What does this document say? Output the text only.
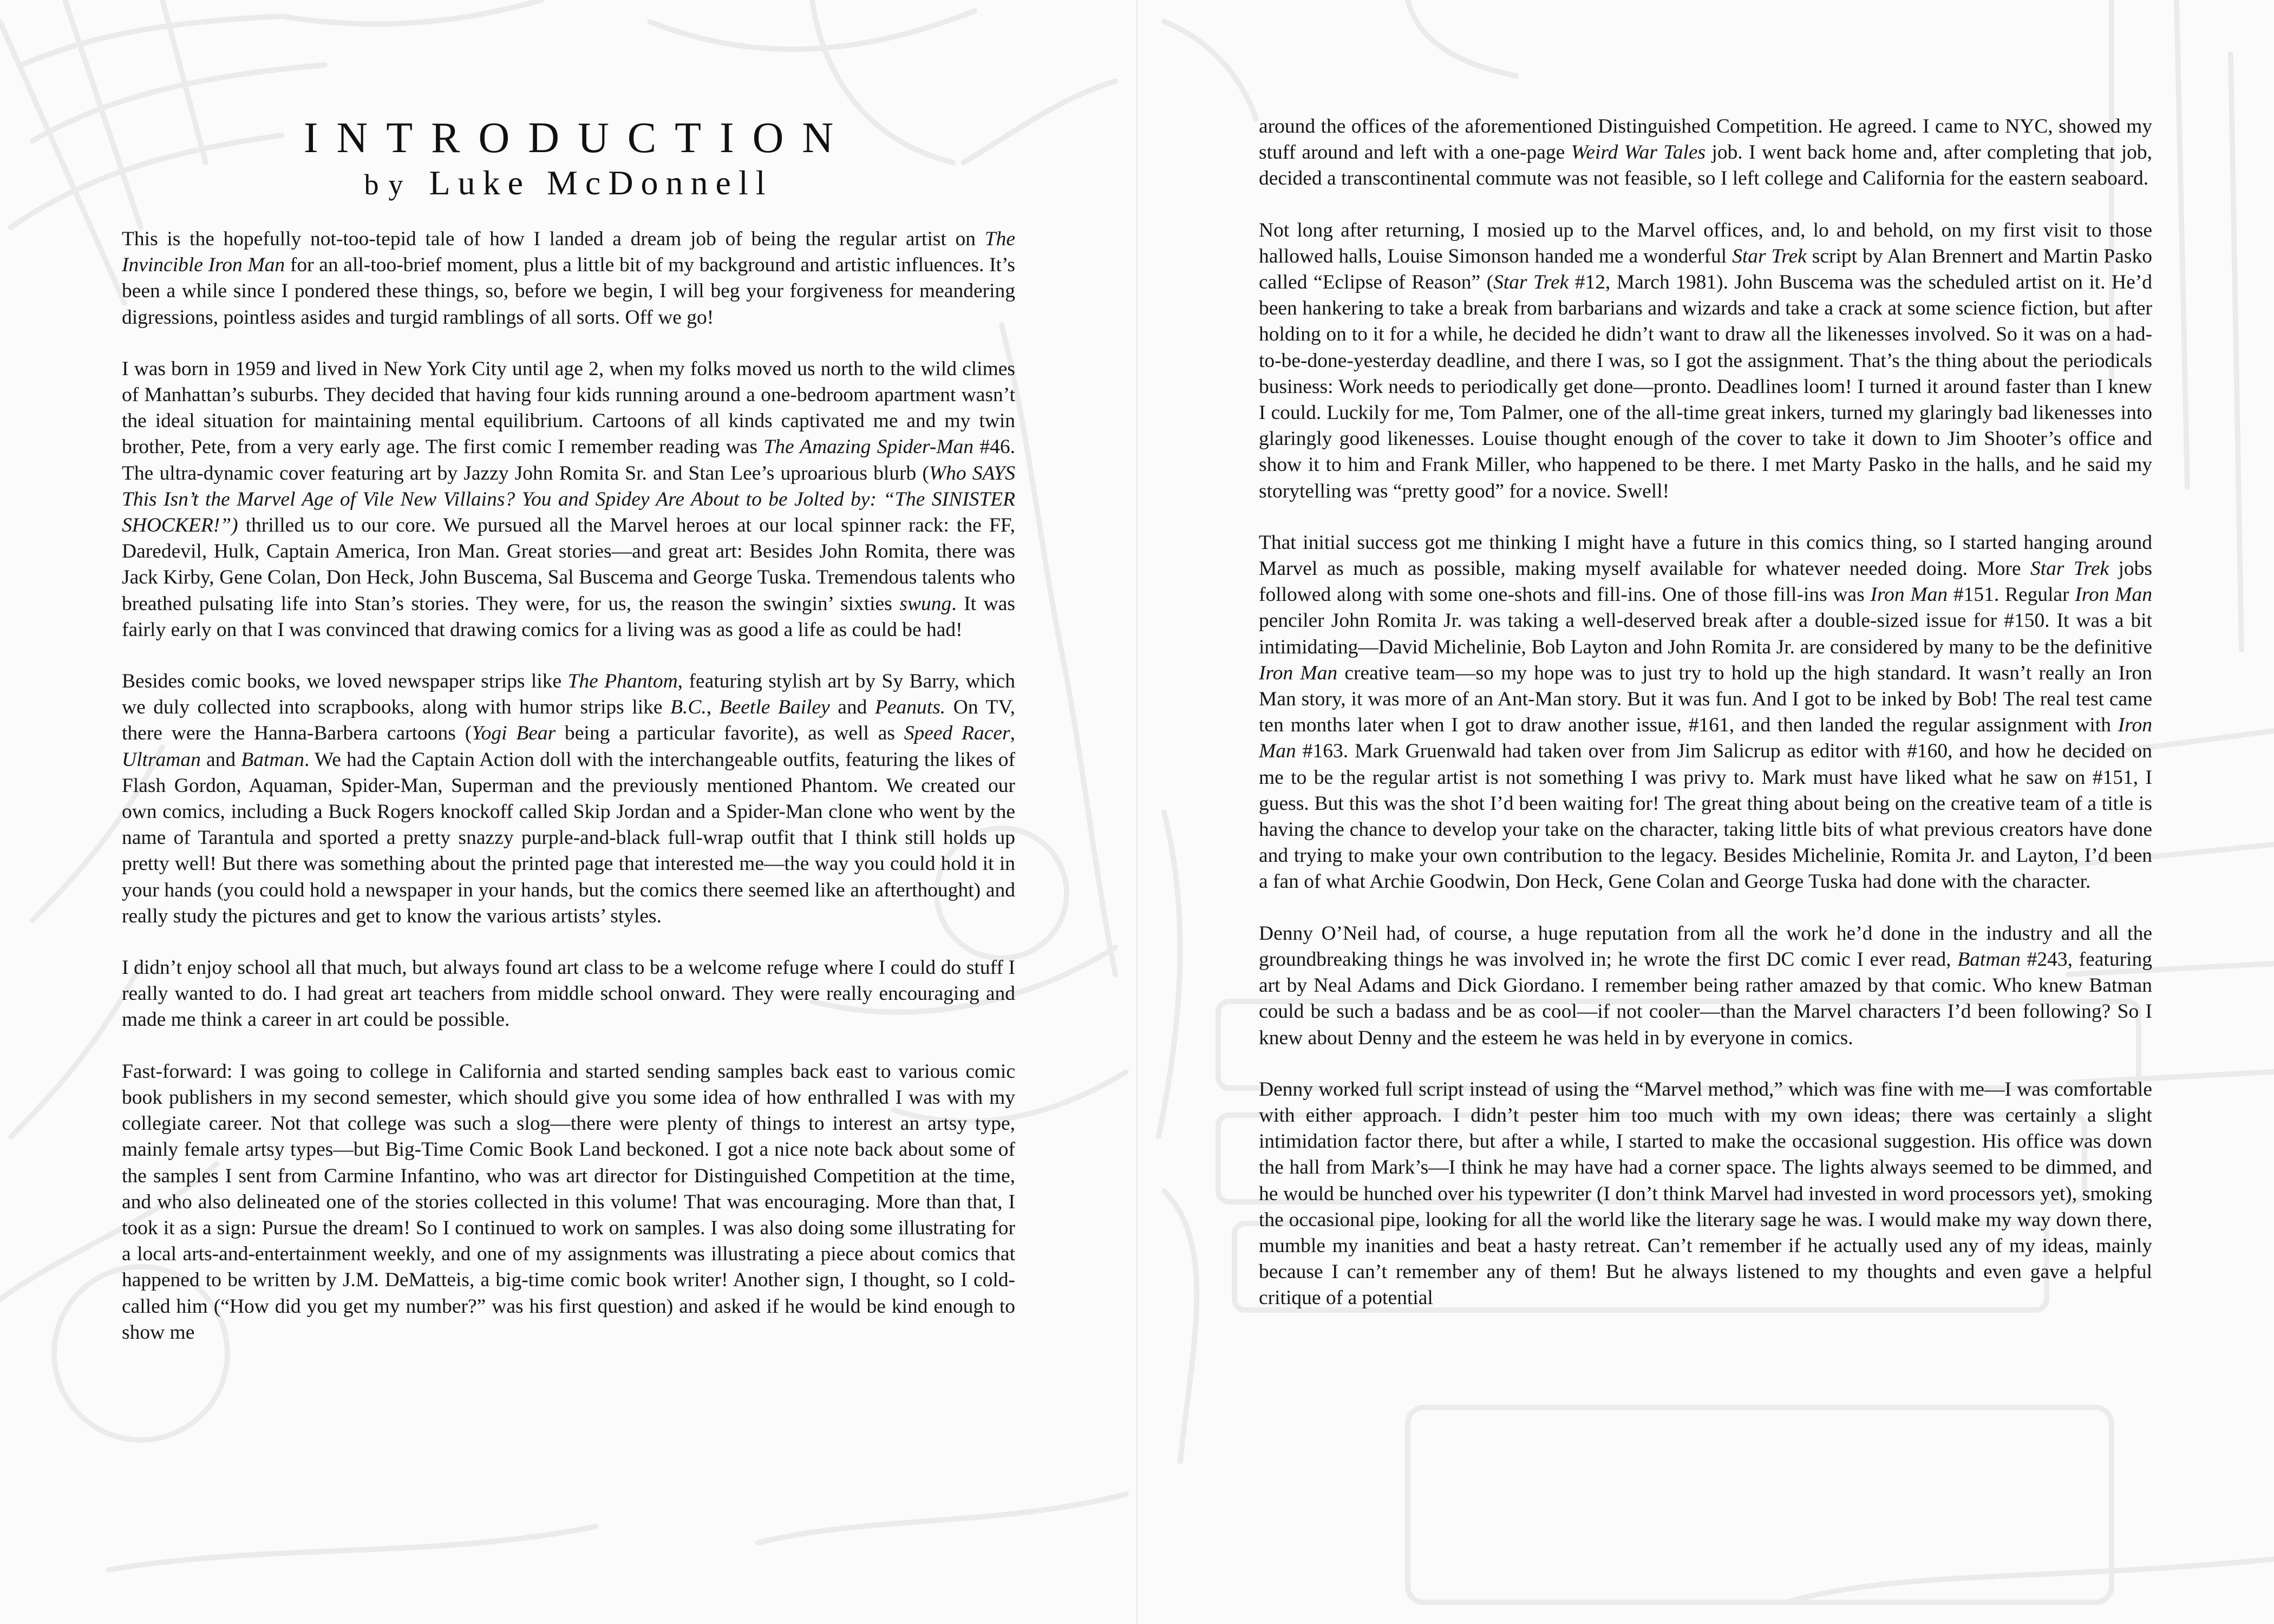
INTRODUCTION
by Luke McDonnell

This is the hopefully not-too-tepid tale of how I landed a dream job of being the regular artist on The Invincible Iron Man for an all-too-brief moment, plus a little bit of my background and artistic influences. It’s been a while since I pondered these things, so, before we begin, I will beg your forgiveness for meandering digressions, pointless asides and turgid ramblings of all sorts. Off we go!

I was born in 1959 and lived in New York City until age 2, when my folks moved us north to the wild climes of Manhattan’s suburbs. They decided that having four kids running around a one-bedroom apartment wasn’t the ideal situation for maintaining mental equilibrium. Cartoons of all kinds captivated me and my twin brother, Pete, from a very early age. The first comic I remember reading was The Amazing Spider-Man #46. The ultra-dynamic cover featuring art by Jazzy John Romita Sr. and Stan Lee’s uproarious blurb (Who SAYS This Isn’t the Marvel Age of Vile New Villains? You and Spidey Are About to be Jolted by: “The SINISTER SHOCKER!”) thrilled us to our core. We pursued all the Marvel heroes at our local spinner rack: the FF, Daredevil, Hulk, Captain America, Iron Man. Great stories—and great art: Besides John Romita, there was Jack Kirby, Gene Colan, Don Heck, John Buscema, Sal Buscema and George Tuska. Tremendous talents who breathed pulsating life into Stan’s stories. They were, for us, the reason the swingin’ sixties swung. It was fairly early on that I was convinced that drawing comics for a living was as good a life as could be had!

Besides comic books, we loved newspaper strips like The Phantom, featuring stylish art by Sy Barry, which we duly collected into scrapbooks, along with humor strips like B.C., Beetle Bailey and Peanuts. On TV, there were the Hanna-Barbera cartoons (Yogi Bear being a particular favorite), as well as Speed Racer, Ultraman and Batman. We had the Captain Action doll with the interchangeable outfits, featuring the likes of Flash Gordon, Aquaman, Spider-Man, Superman and the previously mentioned Phantom. We created our own comics, including a Buck Rogers knockoff called Skip Jordan and a Spider-Man clone who went by the name of Tarantula and sported a pretty snazzy purple-and-black full-wrap outfit that I think still holds up pretty well! But there was something about the printed page that interested me—the way you could hold it in your hands (you could hold a newspaper in your hands, but the comics there seemed like an afterthought) and really study the pictures and get to know the various artists’ styles.

I didn’t enjoy school all that much, but always found art class to be a welcome refuge where I could do stuff I really wanted to do. I had great art teachers from middle school onward. They were really encouraging and made me think a career in art could be possible.

Fast-forward: I was going to college in California and started sending samples back east to various comic book publishers in my second semester, which should give you some idea of how enthralled I was with my collegiate career. Not that college was such a slog—there were plenty of things to interest an artsy type, mainly female artsy types—but Big-Time Comic Book Land beckoned. I got a nice note back about some of the samples I sent from Carmine Infantino, who was art director for Distinguished Competition at the time, and who also delineated one of the stories collected in this volume! That was encouraging. More than that, I took it as a sign: Pursue the dream! So I continued to work on samples. I was also doing some illustrating for a local arts-and-entertainment weekly, and one of my assignments was illustrating a piece about comics that happened to be written by J.M. DeMatteis, a big-time comic book writer! Another sign, I thought, so I cold-called him (“How did you get my number?” was his first question) and asked if he would be kind enough to show me

around the offices of the aforementioned Distinguished Competition. He agreed. I came to NYC, showed my stuff around and left with a one-page Weird War Tales job. I went back home and, after completing that job, decided a transcontinental commute was not feasible, so I left college and California for the eastern seaboard.

Not long after returning, I mosied up to the Marvel offices, and, lo and behold, on my first visit to those hallowed halls, Louise Simonson handed me a wonderful Star Trek script by Alan Brennert and Martin Pasko called “Eclipse of Reason” (Star Trek #12, March 1981). John Buscema was the scheduled artist on it. He’d been hankering to take a break from barbarians and wizards and take a crack at some science fiction, but after holding on to it for a while, he decided he didn’t want to draw all the likenesses involved. So it was on a had-to-be-done-yesterday deadline, and there I was, so I got the assignment. That’s the thing about the periodicals business: Work needs to periodically get done—pronto. Deadlines loom! I turned it around faster than I knew I could. Luckily for me, Tom Palmer, one of the all-time great inkers, turned my glaringly bad likenesses into glaringly good likenesses. Louise thought enough of the cover to take it down to Jim Shooter’s office and show it to him and Frank Miller, who happened to be there. I met Marty Pasko in the halls, and he said my storytelling was “pretty good” for a novice. Swell!

That initial success got me thinking I might have a future in this comics thing, so I started hanging around Marvel as much as possible, making myself available for whatever needed doing. More Star Trek jobs followed along with some one-shots and fill-ins. One of those fill-ins was Iron Man #151. Regular Iron Man penciler John Romita Jr. was taking a well-deserved break after a double-sized issue for #150. It was a bit intimidating—David Michelinie, Bob Layton and John Romita Jr. are considered by many to be the definitive Iron Man creative team—so my hope was to just try to hold up the high standard. It wasn’t really an Iron Man story, it was more of an Ant-Man story. But it was fun. And I got to be inked by Bob! The real test came ten months later when I got to draw another issue, #161, and then landed the regular assignment with Iron Man #163. Mark Gruenwald had taken over from Jim Salicrup as editor with #160, and how he decided on me to be the regular artist is not something I was privy to. Mark must have liked what he saw on #151, I guess. But this was the shot I’d been waiting for! The great thing about being on the creative team of a title is having the chance to develop your take on the character, taking little bits of what previous creators have done and trying to make your own contribution to the legacy. Besides Michelinie, Romita Jr. and Layton, I’d been a fan of what Archie Goodwin, Don Heck, Gene Colan and George Tuska had done with the character.

Denny O’Neil had, of course, a huge reputation from all the work he’d done in the industry and all the groundbreaking things he was involved in; he wrote the first DC comic I ever read, Batman #243, featuring art by Neal Adams and Dick Giordano. I remember being rather amazed by that comic. Who knew Batman could be such a badass and be as cool—if not cooler—than the Marvel characters I’d been following? So I knew about Denny and the esteem he was held in by everyone in comics.

Denny worked full script instead of using the “Marvel method,” which was fine with me—I was comfortable with either approach. I didn’t pester him too much with my own ideas; there was certainly a slight intimidation factor there, but after a while, I started to make the occasional suggestion. His office was down the hall from Mark’s—I think he may have had a corner space. The lights always seemed to be dimmed, and he would be hunched over his typewriter (I don’t think Marvel had invested in word processors yet), smoking the occasional pipe, looking for all the world like the literary sage he was. I would make my way down there, mumble my inanities and beat a hasty retreat. Can’t remember if he actually used any of my ideas, mainly because I can’t remember any of them! But he always listened to my thoughts and even gave a helpful critique of a potential
